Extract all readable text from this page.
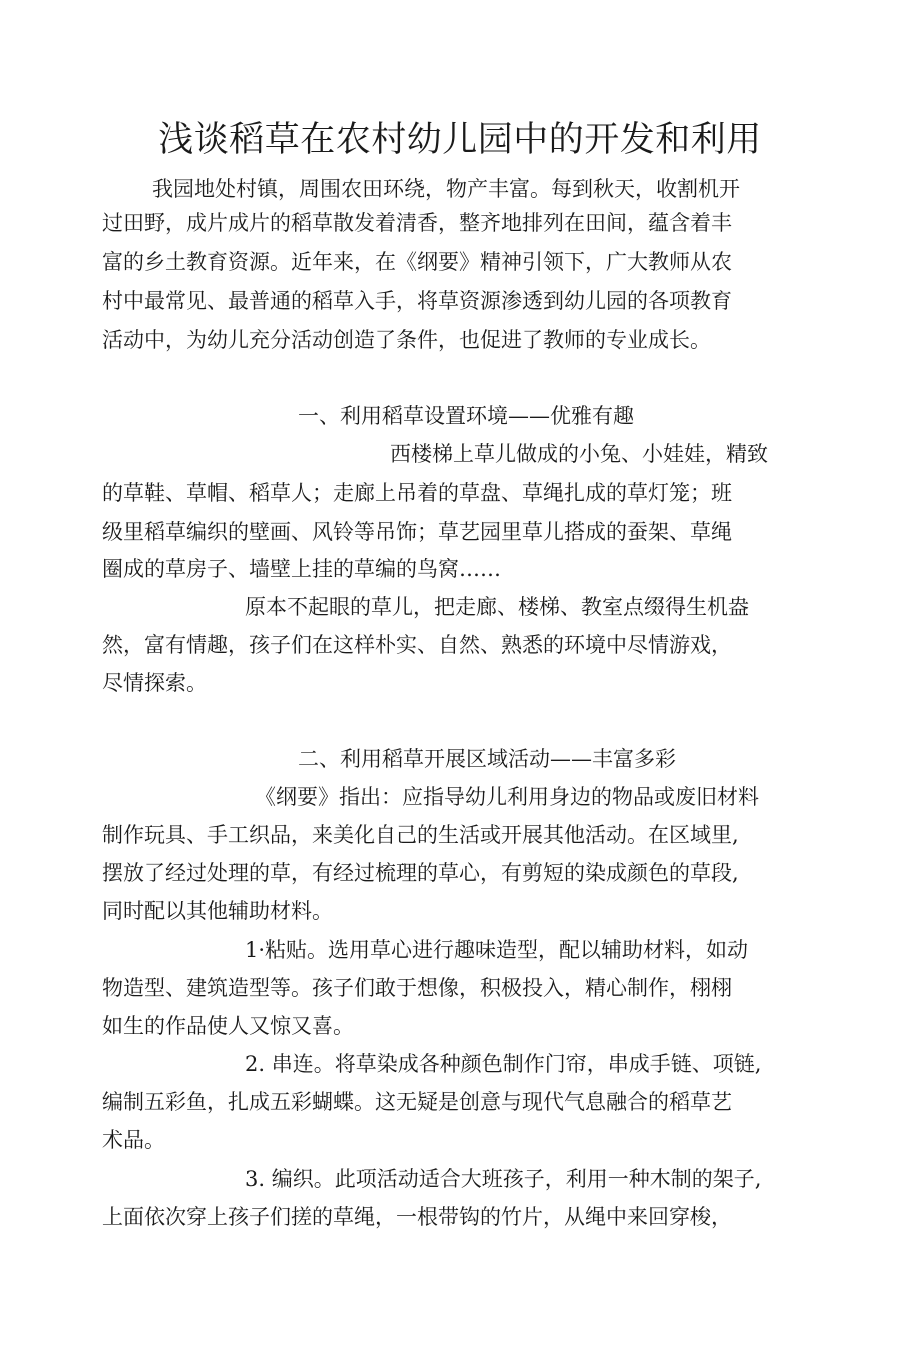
浅谈稻草在农村幼儿园中的开发和利用

我园地处村镇，周围农田环绕，物产丰富。每到秋天，收割机开

过田野，成片成片的稻草散发着清香，整齐地排列在田间，蕴含着丰

富的乡土教育资源。近年来，在《纲要》精神引领下，广大教师从农

村中最常见、最普通的稻草入手，将草资源渗透到幼儿园的各项教育

活动中，为幼儿充分活动创造了条件，也促进了教师的专业成长。

一、利用稻草设置环境——优雅有趣

西楼梯上草儿做成的小兔、小娃娃，精致

的草鞋、草帽、稻草人；走廊上吊着的草盘、草绳扎成的草灯笼；班

级里稻草编织的壁画、风铃等吊饰；草艺园里草儿搭成的蚕架、草绳

圈成的草房子、墙壁上挂的草编的鸟窝……

原本不起眼的草儿，把走廊、楼梯、教室点缀得生机盎

然，富有情趣，孩子们在这样朴实、自然、熟悉的环境中尽情游戏，

尽情探索。

二、利用稻草开展区域活动——丰富多彩

《纲要》指出：应指导幼儿利用身边的物品或废旧材料

制作玩具、手工织品，来美化自己的生活或开展其他活动。在区域里,

摆放了经过处理的草，有经过梳理的草心，有剪短的染成颜色的草段,

同时配以其他辅助材料。

1·粘贴。选用草心进行趣味造型，配以辅助材料，如动

物造型、建筑造型等。孩子们敢于想像，积极投入，精心制作，栩栩

如生的作品使人又惊又喜。

2. 串连。将草染成各种颜色制作门帘，串成手链、项链,

编制五彩鱼，扎成五彩蝴蝶。这无疑是创意与现代气息融合的稻草艺

术品。

3. 编织。此项活动适合大班孩子，利用一种木制的架子,

上面依次穿上孩子们搓的草绳，一根带钩的竹片，从绳中来回穿梭，
